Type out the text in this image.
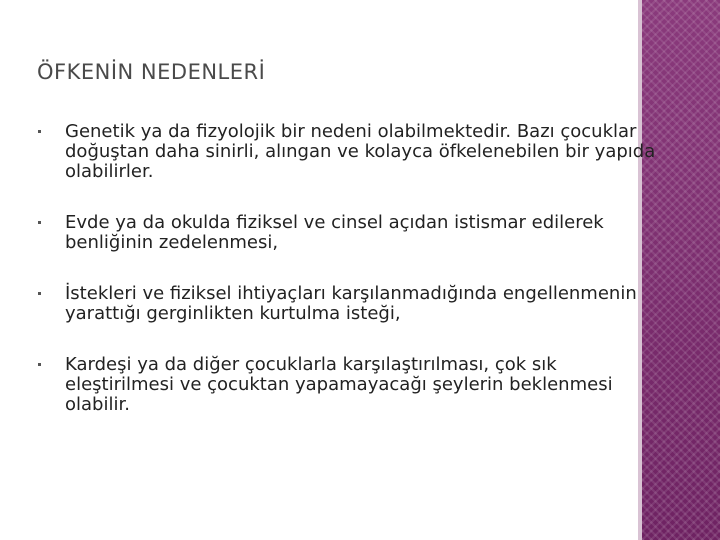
ÖFKENİN NEDENLERİ
Genetik ya da fizyolojik bir nedeni olabilmektedir. Bazı çocuklar doğuştan daha sinirli, alıngan ve kolayca öfkelenebilen bir yapıda olabilirler.
Evde ya da okulda fiziksel ve cinsel açıdan istismar edilerek benliğinin zedelenmesi,
İstekleri ve fiziksel ihtiyaçları karşılanmadığında engellenmenin yarattığı gerginlikten kurtulma isteği,
Kardeşi ya da diğer çocuklarla karşılaştırılması, çok sık eleştirilmesi ve çocuktan yapamayacağı şeylerin beklenmesi olabilir.
